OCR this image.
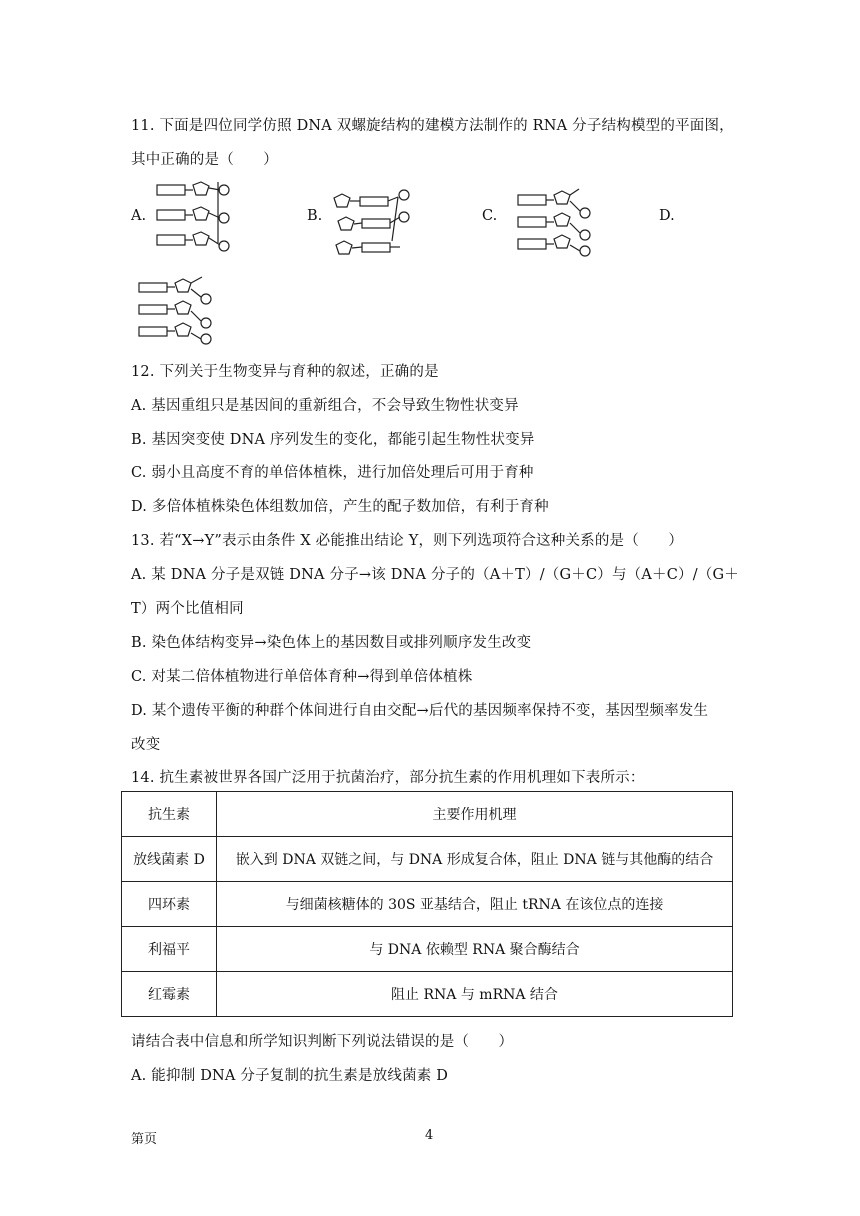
11. 下面是四位同学仿照 DNA 双螺旋结构的建模方法制作的 RNA 分子结构模型的平面图，
其中正确的是（　　）
A.	B.	C.	D.
12. 下列关于生物变异与育种的叙述，正确的是
A. 基因重组只是基因间的重新组合，不会导致生物性状变异
B. 基因突变使 DNA 序列发生的变化，都能引起生物性状变异
C. 弱小且高度不育的单倍体植株，进行加倍处理后可用于育种
D. 多倍体植株染色体组数加倍，产生的配子数加倍，有利于育种
13. 若“X→Y”表示由条件 X 必能推出结论 Y，则下列选项符合这种关系的是（　　）
A. 某 DNA 分子是双链 DNA 分子→该 DNA 分子的（A＋T）/（G＋C）与（A＋C）/（G＋
T）两个比值相同
B. 染色体结构变异→染色体上的基因数目或排列顺序发生改变
C. 对某二倍体植物进行单倍体育种→得到单倍体植株
D. 某个遗传平衡的种群个体间进行自由交配→后代的基因频率保持不变，基因型频率发生
改变
14. 抗生素被世界各国广泛用于抗菌治疗，部分抗生素的作用机理如下表所示：
抗生素	主要作用机理
放线菌素 D	嵌入到 DNA 双链之间，与 DNA 形成复合体，阻止 DNA 链与其他酶的结合
四环素	与细菌核糖体的 30S 亚基结合，阻止 tRNA 在该位点的连接
利福平	与 DNA 依赖型 RNA 聚合酶结合
红霉素	阻止 RNA 与 mRNA 结合
请结合表中信息和所学知识判断下列说法错误的是（　　）
A. 能抑制 DNA 分子复制的抗生素是放线菌素 D
第页	4
